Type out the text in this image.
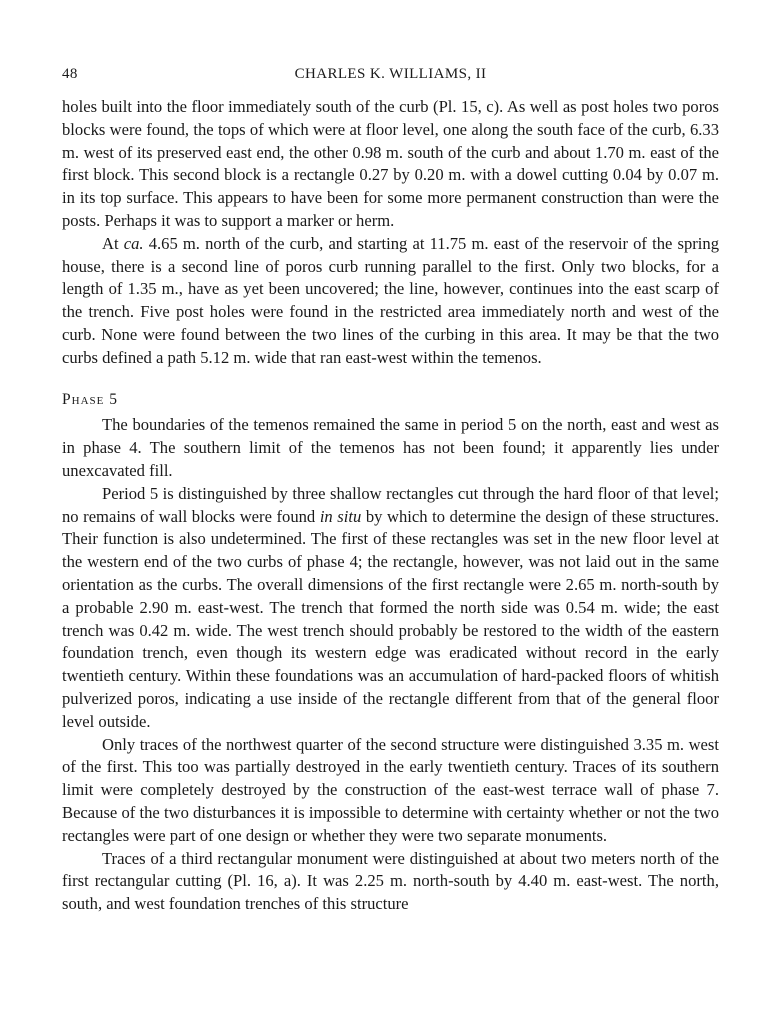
48	CHARLES K. WILLIAMS, II

holes built into the floor immediately south of the curb (Pl. 15, c). As well as post holes two poros blocks were found, the tops of which were at floor level, one along the south face of the curb, 6.33 m. west of its preserved east end, the other 0.98 m. south of the curb and about 1.70 m. east of the first block. This second block is a rectangle 0.27 by 0.20 m. with a dowel cutting 0.04 by 0.07 m. in its top surface. This appears to have been for some more permanent construction than were the posts. Perhaps it was to support a marker or herm.

At ca. 4.65 m. north of the curb, and starting at 11.75 m. east of the reservoir of the spring house, there is a second line of poros curb running parallel to the first. Only two blocks, for a length of 1.35 m., have as yet been uncovered; the line, however, continues into the east scarp of the trench. Five post holes were found in the restricted area immediately north and west of the curb. None were found between the two lines of the curbing in this area. It may be that the two curbs defined a path 5.12 m. wide that ran east-west within the temenos.

Phase 5

The boundaries of the temenos remained the same in period 5 on the north, east and west as in phase 4. The southern limit of the temenos has not been found; it apparently lies under unexcavated fill.

Period 5 is distinguished by three shallow rectangles cut through the hard floor of that level; no remains of wall blocks were found in situ by which to determine the design of these structures. Their function is also undetermined. The first of these rectangles was set in the new floor level at the western end of the two curbs of phase 4; the rectangle, however, was not laid out in the same orientation as the curbs. The overall dimensions of the first rectangle were 2.65 m. north-south by a probable 2.90 m. east-west. The trench that formed the north side was 0.54 m. wide; the east trench was 0.42 m. wide. The west trench should probably be restored to the width of the eastern foundation trench, even though its western edge was eradicated without record in the early twentieth century. Within these foundations was an accumulation of hard-packed floors of whitish pulverized poros, indicating a use inside of the rectangle different from that of the general floor level outside.

Only traces of the northwest quarter of the second structure were distinguished 3.35 m. west of the first. This too was partially destroyed in the early twentieth century. Traces of its southern limit were completely destroyed by the construction of the east-west terrace wall of phase 7. Because of the two disturbances it is impossible to determine with certainty whether or not the two rectangles were part of one design or whether they were two separate monuments.

Traces of a third rectangular monument were distinguished at about two meters north of the first rectangular cutting (Pl. 16, a). It was 2.25 m. north-south by 4.40 m. east-west. The north, south, and west foundation trenches of this structure
